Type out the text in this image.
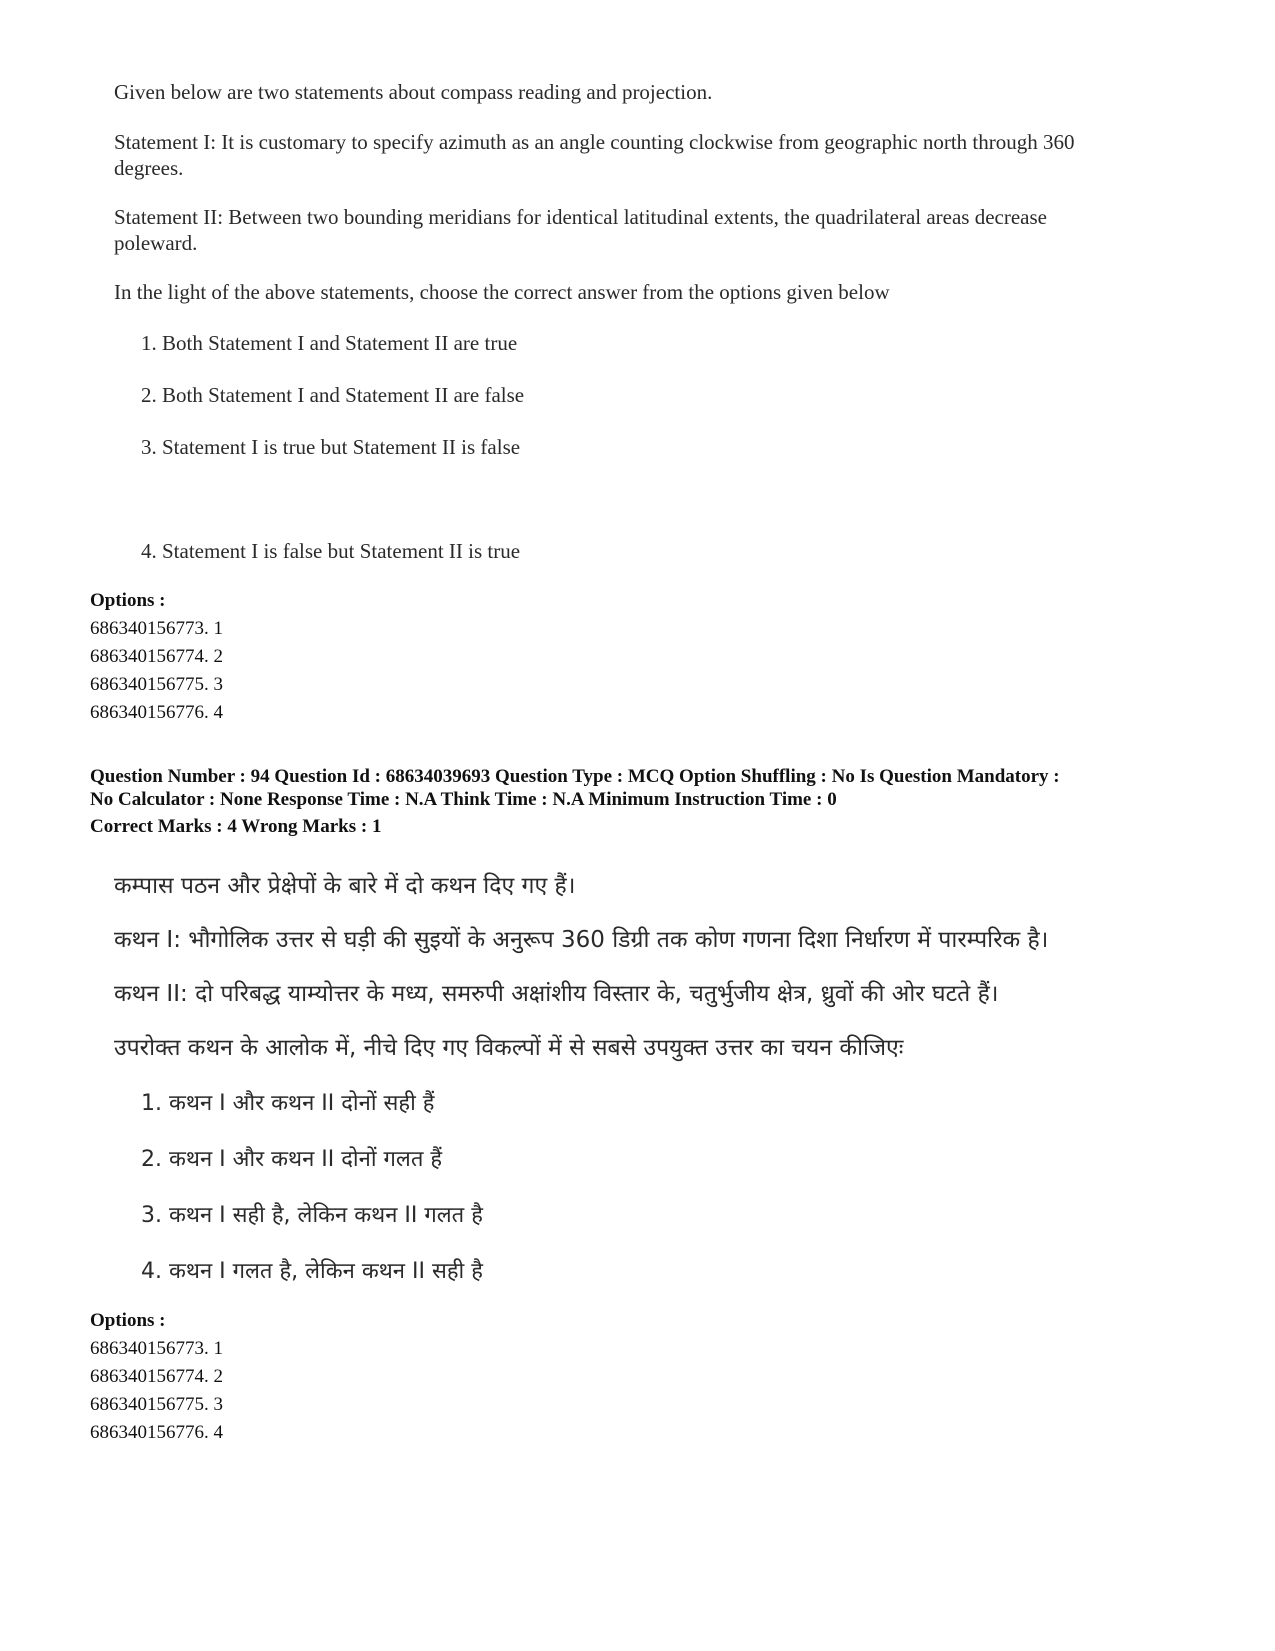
Given below are two statements about compass reading and projection.
Statement I: It is customary to specify azimuth as an angle counting clockwise from geographic north through 360 degrees.
Statement II: Between two bounding meridians for identical latitudinal extents, the quadrilateral areas decrease poleward.
In the light of the above statements, choose the correct answer from the options given below
1. Both Statement I and Statement II are true
2. Both Statement I and Statement II are false
3. Statement I is true but Statement II is false
4. Statement I is false but Statement II is true
Options :
686340156773. 1
686340156774. 2
686340156775. 3
686340156776. 4
Question Number : 94 Question Id : 68634039693 Question Type : MCQ Option Shuffling : No Is Question Mandatory :
No Calculator : None Response Time : N.A Think Time : N.A Minimum Instruction Time : 0
Correct Marks : 4 Wrong Marks : 1
कम्पास पठन और प्रेक्षेपों के बारे में दो कथन दिए गए हैं।
कथन I: भौगोलिक उत्तर से घड़ी की सुइयों के अनुरूप 360 डिग्री तक कोण गणना दिशा निर्धारण में पारम्परिक है।
कथन II: दो परिबद्ध याम्योत्तर के मध्य, समरुपी अक्षांशीय विस्तार के, चतुर्भुजीय क्षेत्र, ध्रुवों की ओर घटते हैं।
उपरोक्त कथन के आलोक में, नीचे दिए गए विकल्पों में से सबसे उपयुक्त उत्तर का चयन कीजिएः
1. कथन I और कथन II दोनों सही हैं
2. कथन I और कथन II दोनों गलत हैं
3. कथन I सही है, लेकिन कथन II गलत है
4. कथन I गलत है, लेकिन कथन II सही है
Options :
686340156773. 1
686340156774. 2
686340156775. 3
686340156776. 4
